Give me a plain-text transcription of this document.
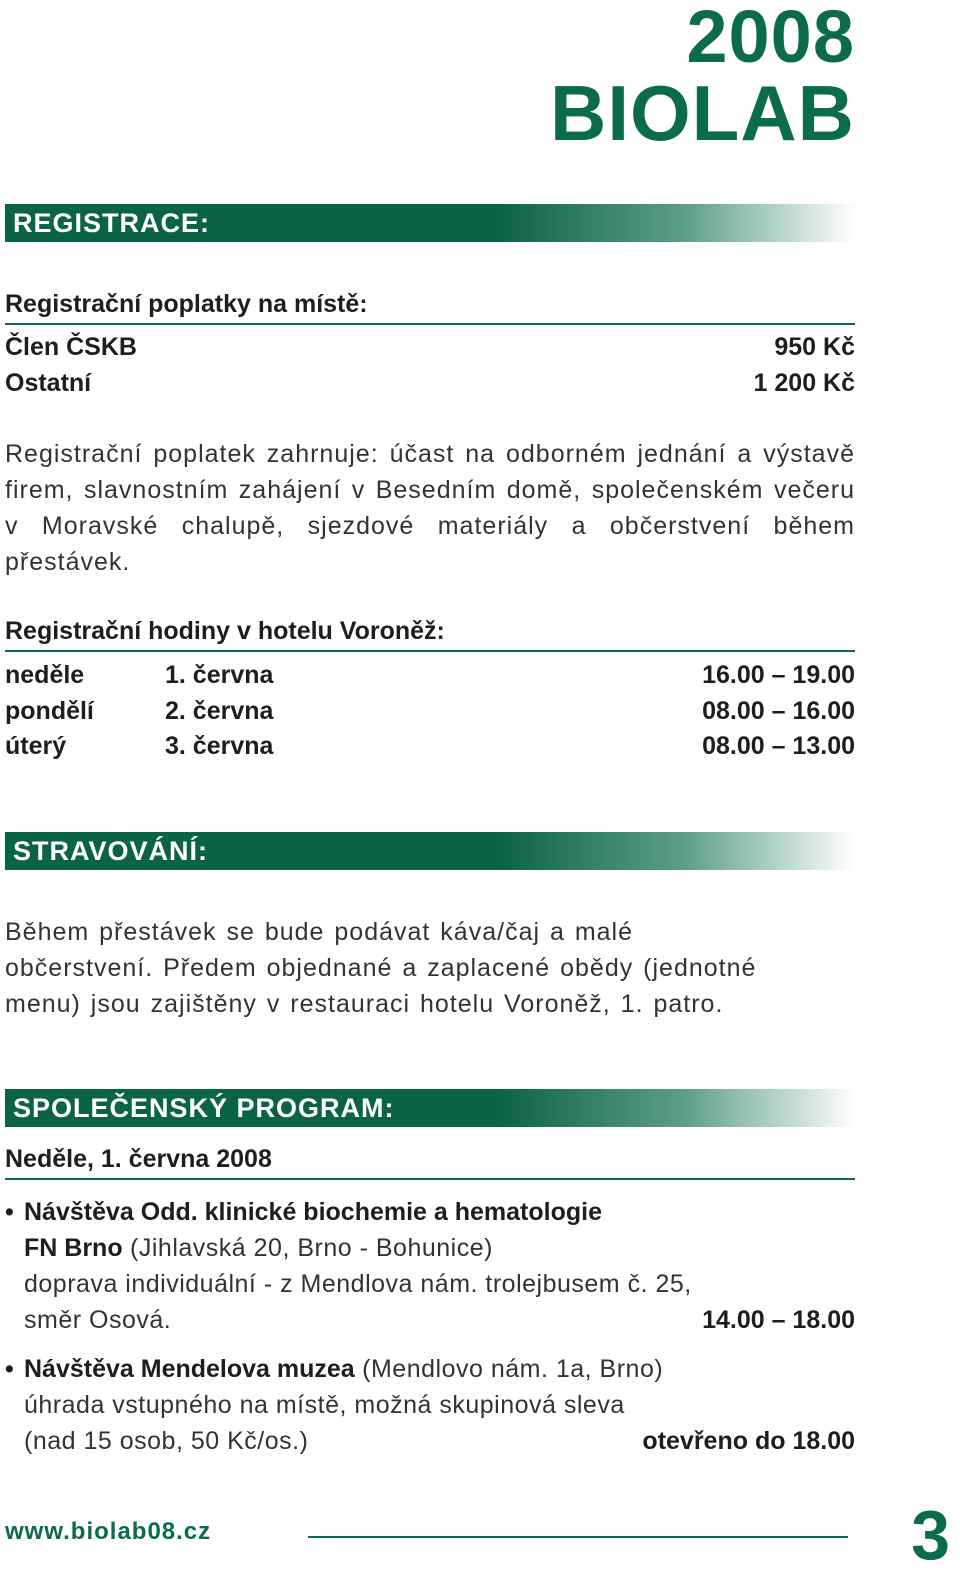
2008
BIOLAB
REGISTRACE:
Registrační poplatky na místě:
Člen ČSKB	950 Kč
Ostatní	1 200 Kč
Registrační poplatek zahrnuje: účast na odborném jednání a výstavě firem, slavnostním zahájení v Besedním domě, společenském večeru v Moravské chalupě, sjezdové materiály a občerstvení během přestávek.
Registrační hodiny v hotelu Voroněž:
neděle	1. června	16.00 – 19.00
pondělí	2. června	08.00 – 16.00
úterý	3. června	08.00 – 13.00
STRAVOVÁNÍ:
Během přestávek se bude podávat káva/čaj a malé
občerstvení. Předem objednané a zaplacené obědy (jednotné
menu) jsou zajištěny v restauraci hotelu Voroněž, 1. patro.
SPOLEČENSKÝ PROGRAM:
Neděle, 1. června 2008
• Návštěva Odd. klinické biochemie a hematologie
FN Brno (Jihlavská 20, Brno - Bohunice)
doprava individuální - z Mendlova nám. trolejbusem č. 25,
směr Osová.	14.00 – 18.00
• Návštěva Mendelova muzea (Mendlovo nám. 1a, Brno)
úhrada vstupného na místě, možná skupinová sleva
(nad 15 osob, 50 Kč/os.)	otevřeno do 18.00
www.biolab08.cz	3
